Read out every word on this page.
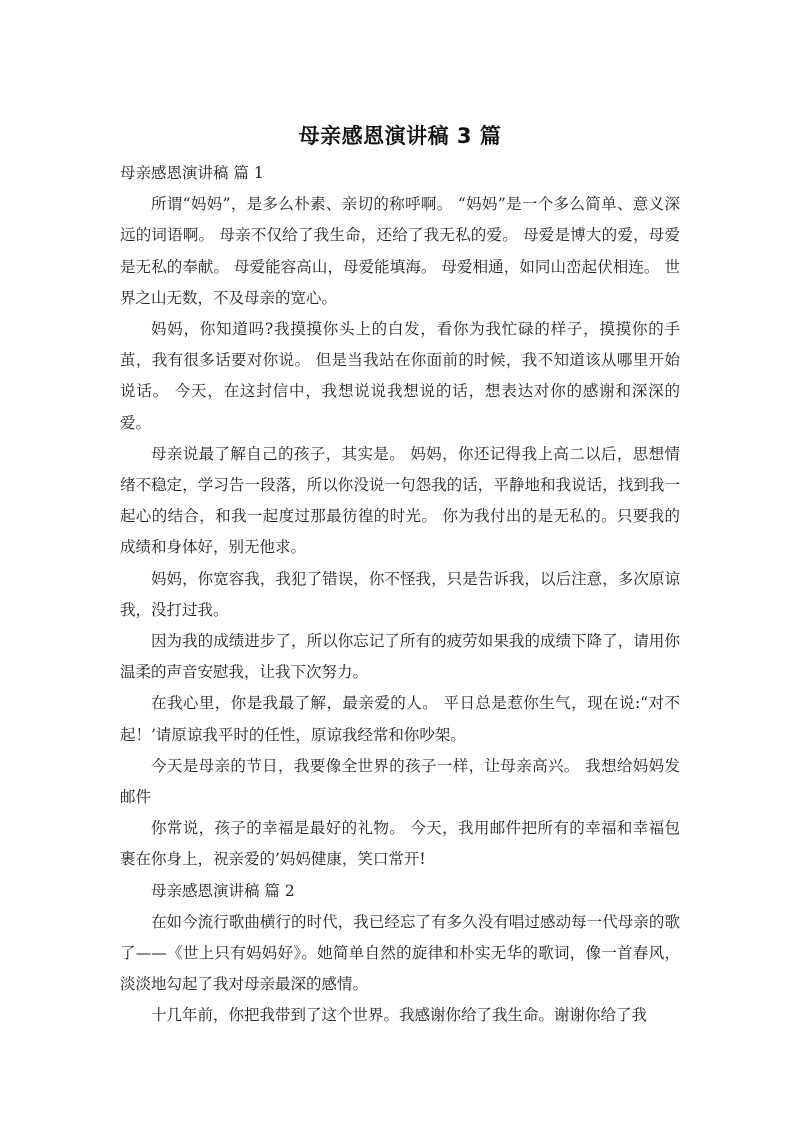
母亲感恩演讲稿 3 篇

母亲感恩演讲稿 篇 1

所谓“妈妈”，是多么朴素、亲切的称呼啊。 “妈妈”是一个多么简单、意义深远的词语啊。 母亲不仅给了我生命，还给了我无私的爱。 母爱是博大的爱，母爱是无私的奉献。 母爱能容高山，母爱能填海。 母爱相通，如同山峦起伏相连。 世界之山无数，不及母亲的宽心。

妈妈，你知道吗?我摸摸你头上的白发，看你为我忙碌的样子，摸摸你的手茧，我有很多话要对你说。 但是当我站在你面前的时候，我不知道该从哪里开始说话。 今天，在这封信中，我想说说我想说的话，想表达对你的感谢和深深的爱。

母亲说最了解自己的孩子，其实是。 妈妈，你还记得我上高二以后，思想情绪不稳定，学习告一段落，所以你没说一句怨我的话，平静地和我说话，找到我一起心的结合，和我一起度过那最彷徨的时光。 你为我付出的是无私的。只要我的成绩和身体好，别无他求。

妈妈，你宽容我，我犯了错误，你不怪我，只是告诉我，以后注意，多次原谅我，没打过我。

因为我的成绩进步了，所以你忘记了所有的疲劳如果我的成绩下降了，请用你温柔的声音安慰我，让我下次努力。

在我心里，你是我最了解，最亲爱的人。 平日总是惹你生气，现在说:“对不起！’请原谅我平时的任性，原谅我经常和你吵架。

今天是母亲的节日，我要像全世界的孩子一样，让母亲高兴。 我想给妈妈发邮件

你常说，孩子的幸福是最好的礼物。 今天，我用邮件把所有的幸福和幸福包裹在你身上，祝亲爱的’妈妈健康，笑口常开!

母亲感恩演讲稿 篇 2

在如今流行歌曲横行的时代，我已经忘了有多久没有唱过感动每一代母亲的歌了——《世上只有妈妈好》。她简单自然的旋律和朴实无华的歌词，像一首春风，淡淡地勾起了我对母亲最深的感情。

十几年前，你把我带到了这个世界。我感谢你给了我生命。谢谢你给了我
